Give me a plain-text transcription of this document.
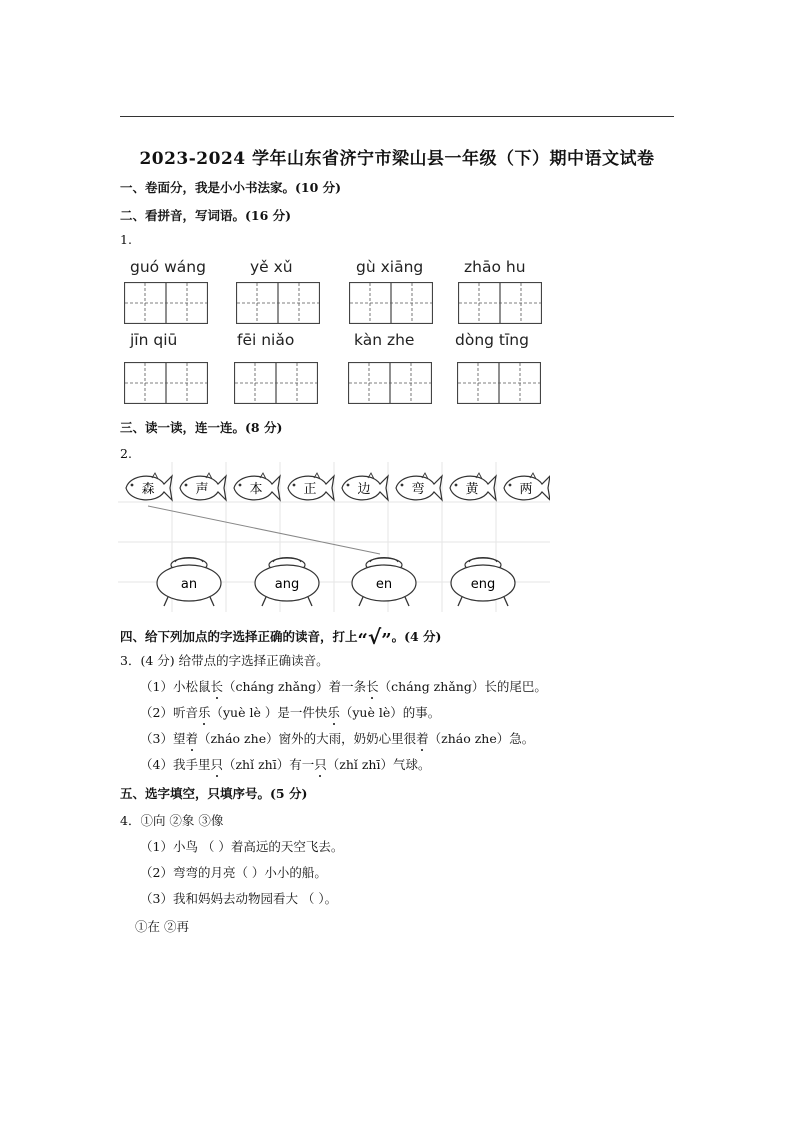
2023-2024 学年山东省济宁市梁山县一年级（下）期中语文试卷
一、卷面分，我是小小书法家。(10 分)
二、看拼音，写词语。(16 分)
1.
guó wáng	yě xǔ	gù xiāng	zhāo hu
jīn qiū	fēi niǎo	kàn zhe	dòng tīng
三、读一读，连一连。(8 分)
2.
森	声	本	正	边	弯	黄	两
an	ang	en	eng
四、给下列加点的字选择正确的读音，打上“√”。(4 分)
3．(4 分) 给带点的字选择正确读音。
（1）小松鼠长（cháng zhǎng）着一条长（cháng zhǎng）长的尾巴。
（2）听音乐（yuè lè ）是一件快乐（yuè lè）的事。
（3）望着（zháo zhe）窗外的大雨，奶奶心里很着（zháo zhe）急。
（4）我手里只（zhǐ zhī）有一只（zhǐ zhī）气球。
五、选字填空，只填序号。(5 分)
4．①向 ②象 ③像
（1）小鸟 （ ）着高远的天空飞去。
（2）弯弯的月亮（ ）小小的船。
（3）我和妈妈去动物园看大 （ ）。
①在 ②再
